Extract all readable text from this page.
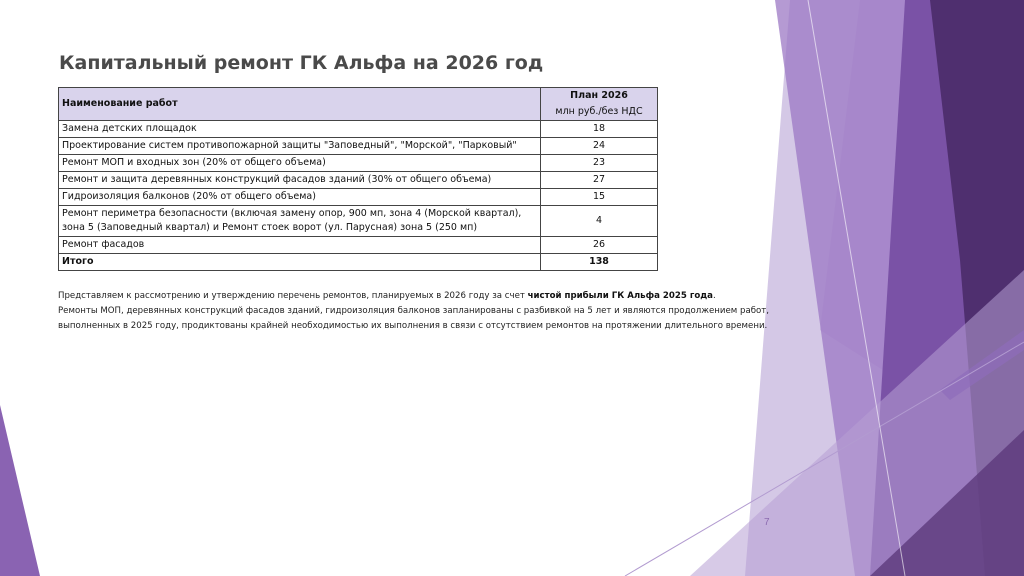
Капитальный ремонт ГК Альфа на 2026 год
Наименование работ	План 2026
млн руб./без НДС

Замена детских площадок	18
Проектирование систем противопожарной защиты "Заповедный", "Морской", "Парковый"	24
Ремонт МОП и входных зон (20% от общего объема)	23
Ремонт и защита деревянных конструкций фасадов зданий (30% от общего объема)	27
Гидроизоляция балконов (20% от общего объема)	15
Ремонт периметра безопасности (включая замену опор, 900 мп, зона 4 (Морской квартал), зона 5 (Заповедный квартал) и Ремонт стоек ворот (ул. Парусная) зона 5 (250 мп)	4
Ремонт фасадов	26
Итого	138

Представляем к рассмотрению и утверждению перечень ремонтов, планируемых в 2026 году за счет чистой прибыли ГК Альфа 2025 года.

Ремонты МОП, деревянных конструкций фасадов зданий, гидроизоляция балконов запланированы с разбивкой на 5 лет и являются продолжением работ, выполненных в 2025 году, продиктованы крайней необходимостью их выполнения в связи с отсутствием ремонтов на протяжении длительного времени.

7
